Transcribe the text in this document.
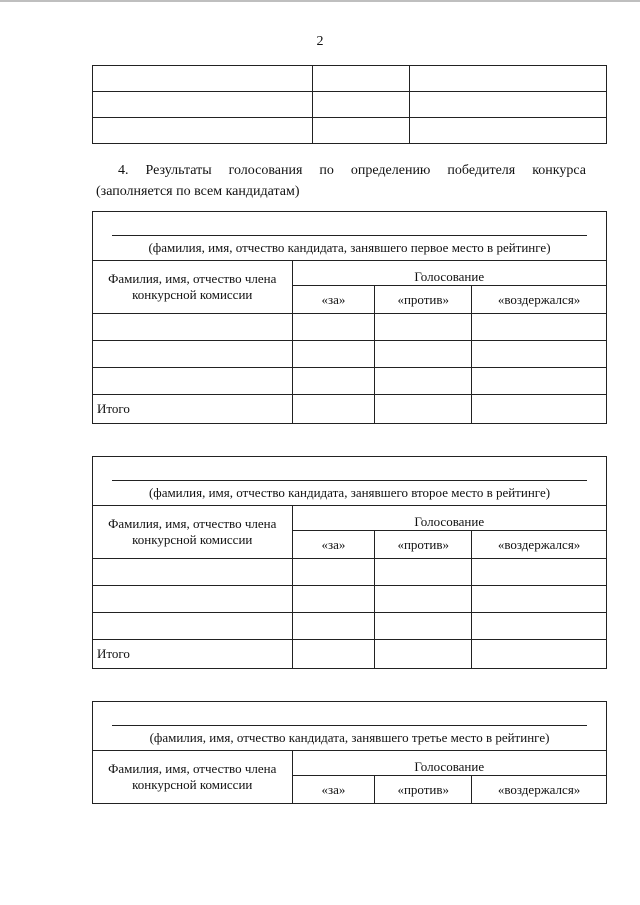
2

4. Результаты голосования по определению победителя конкурса
(заполняется по всем кандидатам)
(фамилия, имя, отчество кандидата, занявшего первое место в рейтинге)			

Фамилия, имя, отчество члена конкурсной комиссии	Голосование		
	«за»	«против»	«воздержался»

Итого			
(фамилия, имя, отчество кандидата, занявшего второе место в рейтинге)			

Фамилия, имя, отчество члена конкурсной комиссии	Голосование		
	«за»	«против»	«воздержался»

Итого			
(фамилия, имя, отчество кандидата, занявшего третье место в рейтинге)			

Фамилия, имя, отчество члена конкурсной комиссии	Голосование		
	«за»	«против»	«воздержался»
